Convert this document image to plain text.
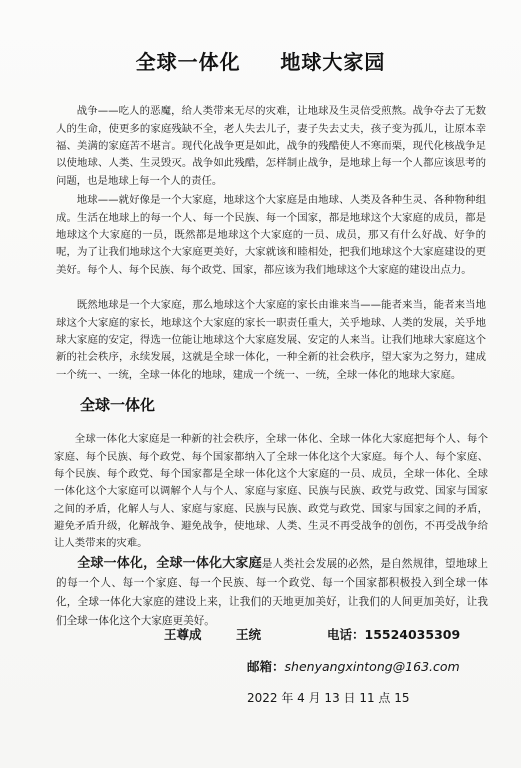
全球一体化     地球大家园

战争——吃人的恶魔，给人类带来无尽的灾难，让地球及生灵倍受煎熬。战争夺去了无数人的生命，使更多的家庭残缺不全，老人失去儿子，妻子失去丈夫，孩子变为孤儿，让原本幸福、美满的家庭苦不堪言。现代化战争更是如此，战争的残酷使人不寒而栗，现代化核战争足以使地球、人类、生灵毁灭。战争如此残酷，怎样制止战争，是地球上每一个人都应该思考的问题，也是地球上每一个人的责任。

地球——就好像是一个大家庭，地球这个大家庭是由地球、人类及各种生灵、各种物种组成。生活在地球上的每一个人、每一个民族、每一个国家，都是地球这个大家庭的成员，都是地球这个大家庭的一员，既然都是地球这个大家庭的一员、成员，那又有什么好战、好争的呢，为了让我们地球这个大家庭更美好，大家就该和睦相处，把我们地球这个大家庭建设的更美好。每个人、每个民族、每个政党、国家，都应该为我们地球这个大家庭的建设出点力。

既然地球是一个大家庭，那么地球这个大家庭的家长由谁来当——能者来当，能者来当地球这个大家庭的家长，地球这个大家庭的家长一职责任重大，关乎地球、人类的发展，关乎地球大家庭的安定，得选一位能让地球这个大家庭发展、安定的人来当。让我们地球大家庭这个新的社会秩序，永续发展，这就是全球一体化，一种全新的社会秩序，望大家为之努力，建成一个统一、一统，全球一体化的地球，建成一个统一、一统，全球一体化的地球大家庭。

全球一体化

全球一体化大家庭是一种新的社会秩序，全球一体化、全球一体化大家庭把每个人、每个家庭、每个民族、每个政党、每个国家都纳入了全球一体化这个大家庭。每个人、每个家庭、每个民族、每个政党、每个国家都是全球一体化这个大家庭的一员、成员，全球一体化、全球一体化这个大家庭可以调解个人与个人、家庭与家庭、民族与民族、政党与政党、国家与国家之间的矛盾，化解人与人、家庭与家庭、民族与民族、政党与政党、国家与国家之间的矛盾，避免矛盾升级，化解战争、避免战争，使地球、人类、生灵不再受战争的创伤，不再受战争给让人类带来的灾难。

全球一体化，全球一体化大家庭是人类社会发展的必然，是自然规律，望地球上的每一个人、每一个家庭、每一个民族、每一个政党、每一个国家都积极投入到全球一体化，全球一体化大家庭的建设上来，让我们的天地更加美好，让我们的人间更加美好，让我们全球一体化这个大家庭更美好。

王尊成	王统	电话：15524035309
邮箱：shenyangxintong@163.com
2022 年 4 月 13 日 11 点 15
